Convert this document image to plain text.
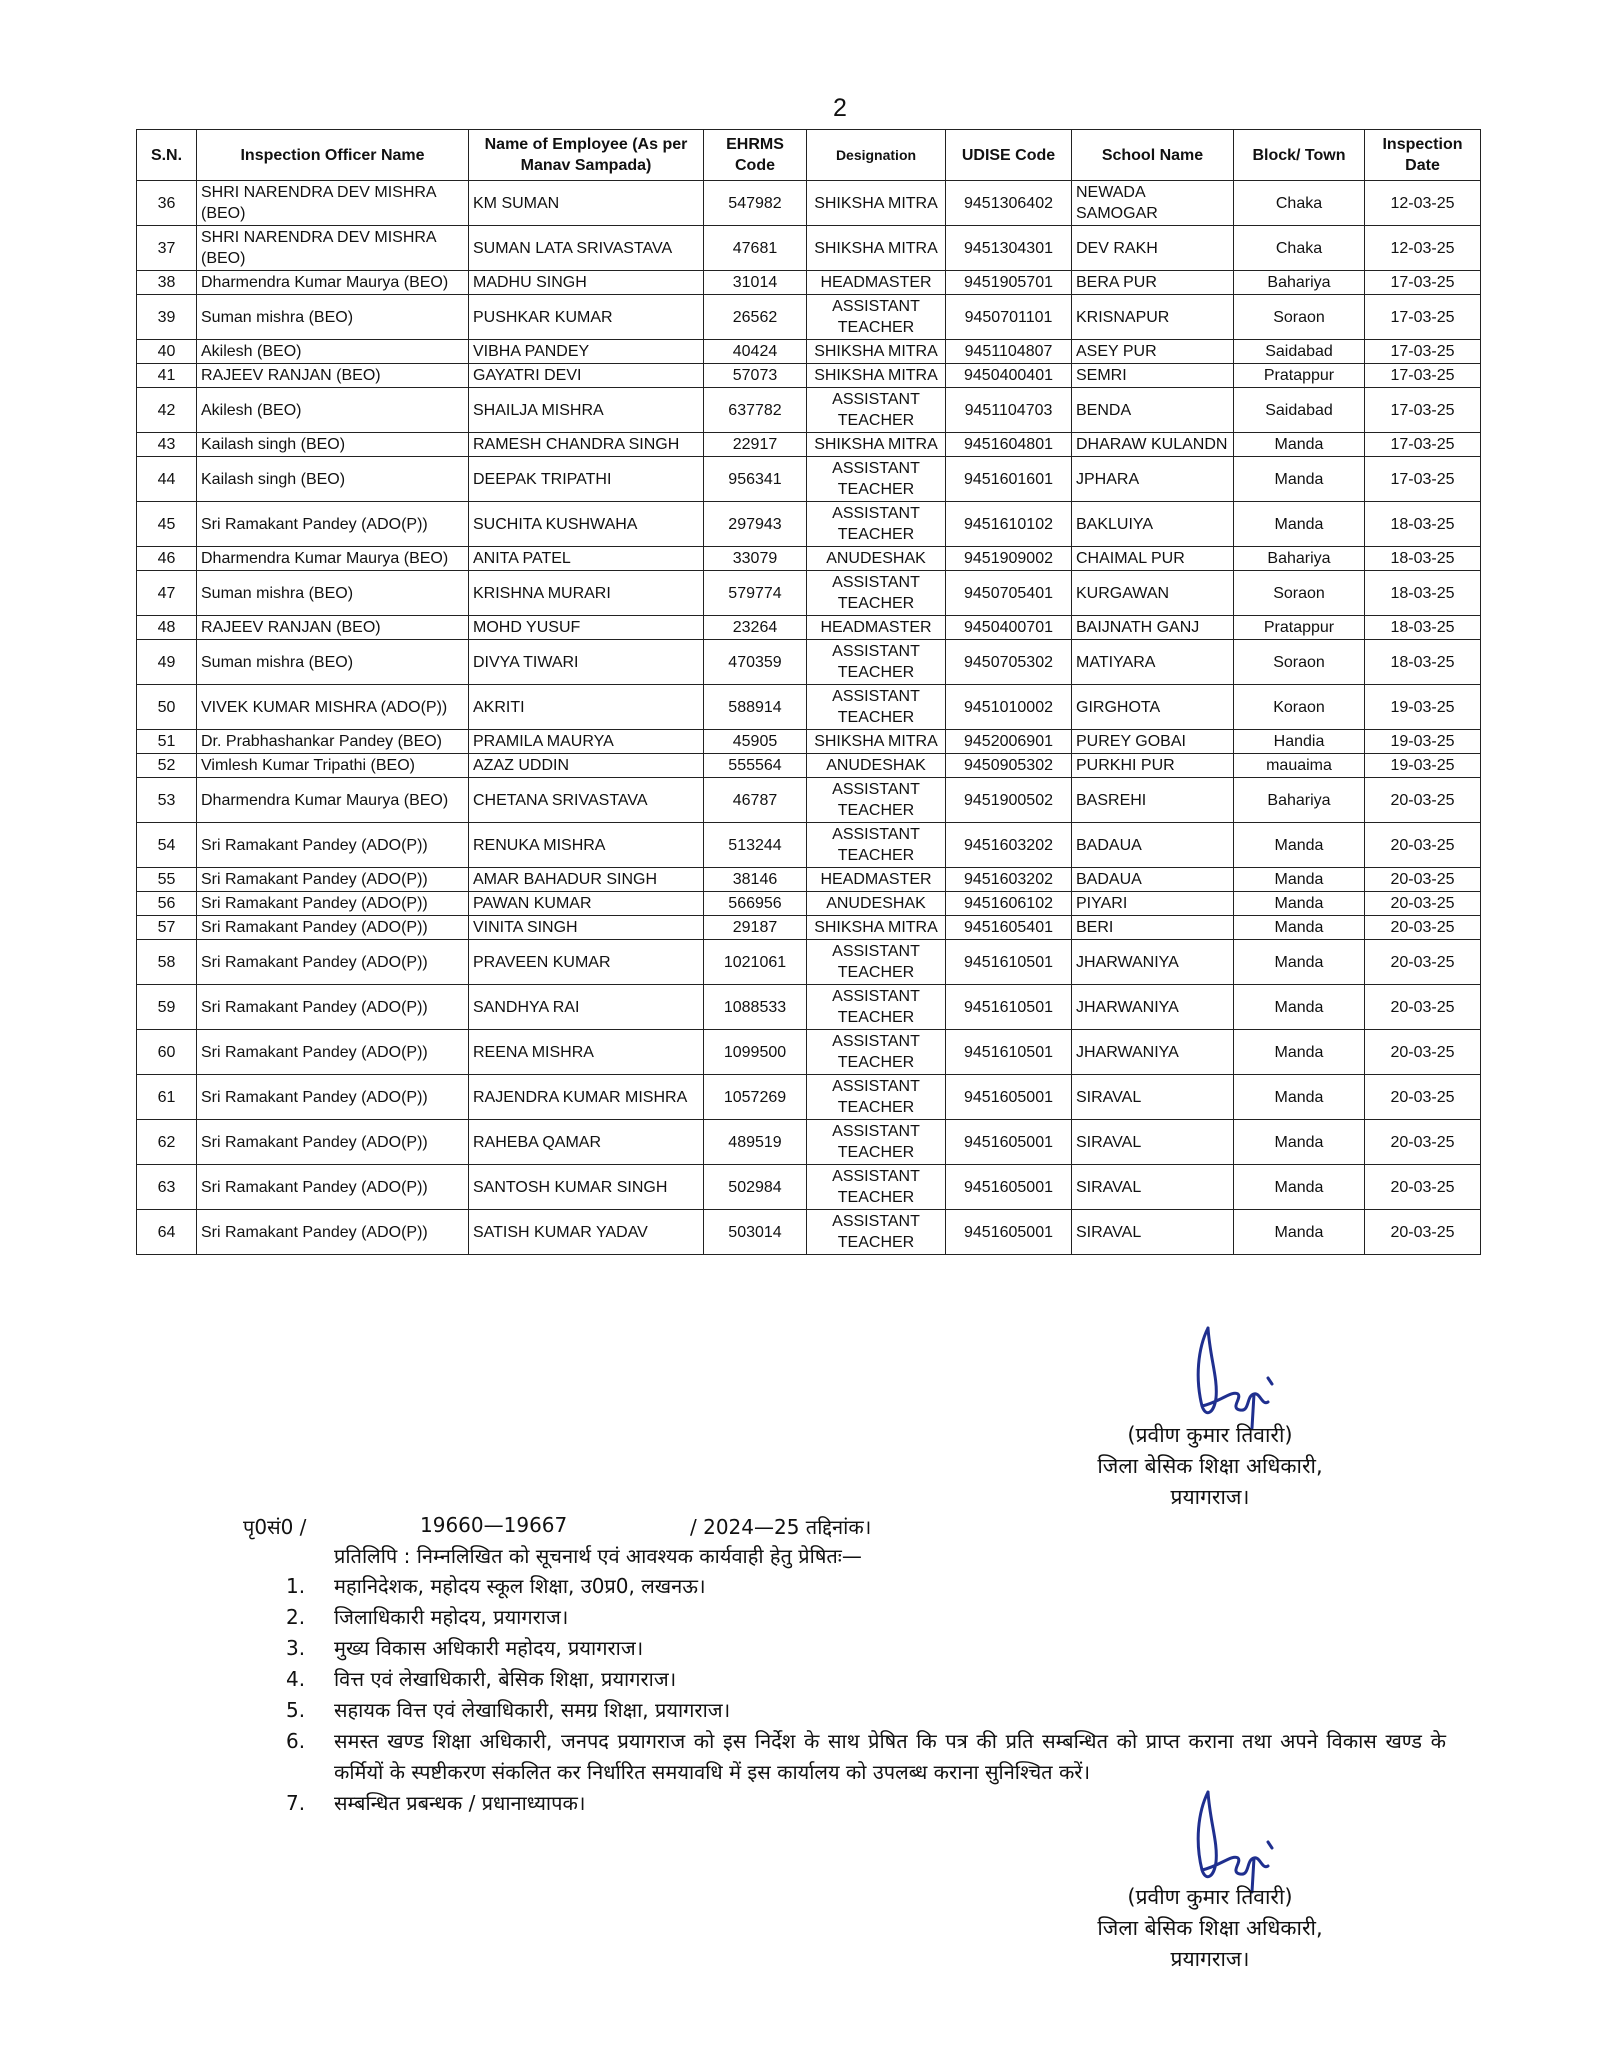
2
S.N.	Inspection Officer Name	Name of Employee (As per Manav Sampada)	EHRMS Code	Designation	UDISE Code	School Name	Block/ Town	Inspection Date
36	SHRI NARENDRA DEV MISHRA (BEO)	KM SUMAN	547982	SHIKSHA MITRA	9451306402	NEWADA SAMOGAR	Chaka	12-03-25
37	SHRI NARENDRA DEV MISHRA (BEO)	SUMAN LATA SRIVASTAVA	47681	SHIKSHA MITRA	9451304301	DEV RAKH	Chaka	12-03-25
38	Dharmendra Kumar Maurya (BEO)	MADHU SINGH	31014	HEADMASTER	9451905701	BERA PUR	Bahariya	17-03-25
39	Suman mishra (BEO)	PUSHKAR KUMAR	26562	ASSISTANT TEACHER	9450701101	KRISNAPUR	Soraon	17-03-25
40	Akilesh (BEO)	VIBHA PANDEY	40424	SHIKSHA MITRA	9451104807	ASEY PUR	Saidabad	17-03-25
41	RAJEEV RANJAN (BEO)	GAYATRI DEVI	57073	SHIKSHA MITRA	9450400401	SEMRI	Pratappur	17-03-25
42	Akilesh (BEO)	SHAILJA MISHRA	637782	ASSISTANT TEACHER	9451104703	BENDA	Saidabad	17-03-25
43	Kailash singh (BEO)	RAMESH CHANDRA SINGH	22917	SHIKSHA MITRA	9451604801	DHARAW KULANDN	Manda	17-03-25
44	Kailash singh (BEO)	DEEPAK TRIPATHI	956341	ASSISTANT TEACHER	9451601601	JPHARA	Manda	17-03-25
45	Sri Ramakant Pandey (ADO(P))	SUCHITA KUSHWAHA	297943	ASSISTANT TEACHER	9451610102	BAKLUIYA	Manda	18-03-25
46	Dharmendra Kumar Maurya (BEO)	ANITA PATEL	33079	ANUDESHAK	9451909002	CHAIMAL PUR	Bahariya	18-03-25
47	Suman mishra (BEO)	KRISHNA MURARI	579774	ASSISTANT TEACHER	9450705401	KURGAWAN	Soraon	18-03-25
48	RAJEEV RANJAN (BEO)	MOHD YUSUF	23264	HEADMASTER	9450400701	BAIJNATH GANJ	Pratappur	18-03-25
49	Suman mishra (BEO)	DIVYA TIWARI	470359	ASSISTANT TEACHER	9450705302	MATIYARA	Soraon	18-03-25
50	VIVEK KUMAR MISHRA (ADO(P))	AKRITI	588914	ASSISTANT TEACHER	9451010002	GIRGHOTA	Koraon	19-03-25
51	Dr. Prabhashankar Pandey (BEO)	PRAMILA MAURYA	45905	SHIKSHA MITRA	9452006901	PUREY GOBAI	Handia	19-03-25
52	Vimlesh Kumar Tripathi (BEO)	AZAZ UDDIN	555564	ANUDESHAK	9450905302	PURKHI PUR	mauaima	19-03-25
53	Dharmendra Kumar Maurya (BEO)	CHETANA SRIVASTAVA	46787	ASSISTANT TEACHER	9451900502	BASREHI	Bahariya	20-03-25
54	Sri Ramakant Pandey (ADO(P))	RENUKA MISHRA	513244	ASSISTANT TEACHER	9451603202	BADAUA	Manda	20-03-25
55	Sri Ramakant Pandey (ADO(P))	AMAR BAHADUR SINGH	38146	HEADMASTER	9451603202	BADAUA	Manda	20-03-25
56	Sri Ramakant Pandey (ADO(P))	PAWAN KUMAR	566956	ANUDESHAK	9451606102	PIYARI	Manda	20-03-25
57	Sri Ramakant Pandey (ADO(P))	VINITA SINGH	29187	SHIKSHA MITRA	9451605401	BERI	Manda	20-03-25
58	Sri Ramakant Pandey (ADO(P))	PRAVEEN KUMAR	1021061	ASSISTANT TEACHER	9451610501	JHARWANIYA	Manda	20-03-25
59	Sri Ramakant Pandey (ADO(P))	SANDHYA RAI	1088533	ASSISTANT TEACHER	9451610501	JHARWANIYA	Manda	20-03-25
60	Sri Ramakant Pandey (ADO(P))	REENA MISHRA	1099500	ASSISTANT TEACHER	9451610501	JHARWANIYA	Manda	20-03-25
61	Sri Ramakant Pandey (ADO(P))	RAJENDRA KUMAR MISHRA	1057269	ASSISTANT TEACHER	9451605001	SIRAVAL	Manda	20-03-25
62	Sri Ramakant Pandey (ADO(P))	RAHEBA QAMAR	489519	ASSISTANT TEACHER	9451605001	SIRAVAL	Manda	20-03-25
63	Sri Ramakant Pandey (ADO(P))	SANTOSH KUMAR SINGH	502984	ASSISTANT TEACHER	9451605001	SIRAVAL	Manda	20-03-25
64	Sri Ramakant Pandey (ADO(P))	SATISH KUMAR YADAV	503014	ASSISTANT TEACHER	9451605001	SIRAVAL	Manda	20-03-25
(प्रवीण कुमार तिवारी)
जिला बेसिक शिक्षा अधिकारी,
प्रयागराज।
पृ0सं0 /	19660—19667	/ 2024—25 तद्दिनांक।
प्रतिलिपि : निम्नलिखित को सूचनार्थ एवं आवश्यक कार्यवाही हेतु प्रेषितः—
1. महानिदेशक, महोदय स्कूल शिक्षा, उ0प्र0, लखनऊ।
2. जिलाधिकारी महोदय, प्रयागराज।
3. मुख्य विकास अधिकारी महोदय, प्रयागराज।
4. वित्त एवं लेखाधिकारी, बेसिक शिक्षा, प्रयागराज।
5. सहायक वित्त एवं लेखाधिकारी, समग्र शिक्षा, प्रयागराज।
6. समस्त खण्ड शिक्षा अधिकारी, जनपद प्रयागराज को इस निर्देश के साथ प्रेषित कि पत्र की प्रति सम्बन्धित को प्राप्त कराना तथा अपने विकास खण्ड के कर्मियों के स्पष्टीकरण संकलित कर निर्धारित समयावधि में इस कार्यालय को उपलब्ध कराना सुनिश्चित करें।
7. सम्बन्धित प्रबन्धक / प्रधानाध्यापक।
(प्रवीण कुमार तिवारी)
जिला बेसिक शिक्षा अधिकारी,
प्रयागराज।
